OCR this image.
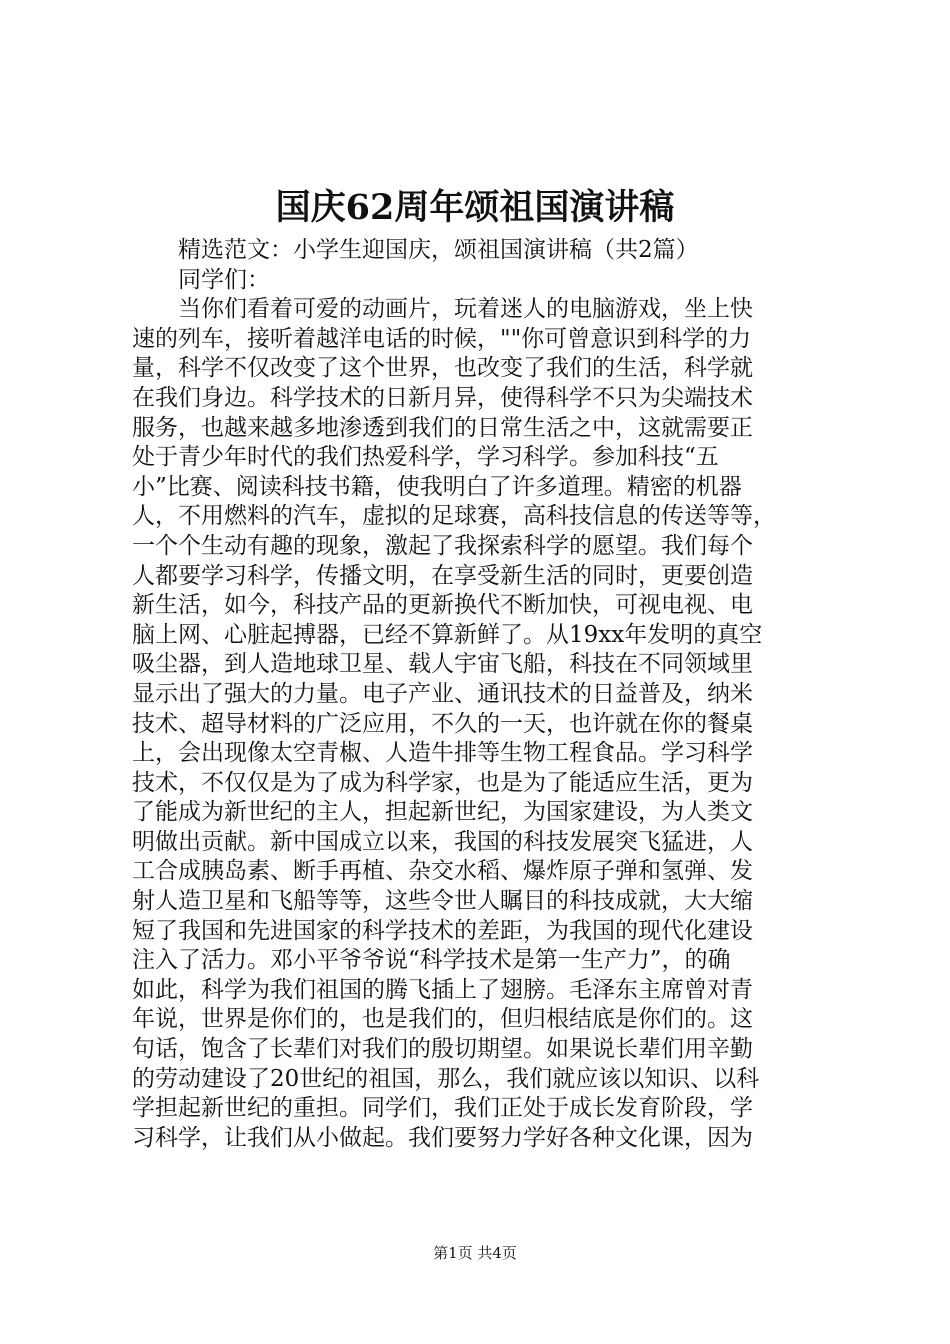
国庆62周年颂祖国演讲稿
精选范文：小学生迎国庆，颂祖国演讲稿（共2篇）
同学们：
当你们看着可爱的动画片，玩着迷人的电脑游戏，坐上快
速的列车，接听着越洋电话的时候，""你可曾意识到科学的力
量，科学不仅改变了这个世界，也改变了我们的生活，科学就
在我们身边。科学技术的日新月异，使得科学不只为尖端技术
服务，也越来越多地渗透到我们的日常生活之中，这就需要正
处于青少年时代的我们热爱科学，学习科学。参加科技“五
小”比赛、阅读科技书籍，使我明白了许多道理。精密的机器
人，不用燃料的汽车，虚拟的足球赛，高科技信息的传送等等，
一个个生动有趣的现象，激起了我探索科学的愿望。我们每个
人都要学习科学，传播文明，在享受新生活的同时，更要创造
新生活，如今，科技产品的更新换代不断加快，可视电视、电
脑上网、心脏起搏器，已经不算新鲜了。从19xx年发明的真空
吸尘器，到人造地球卫星、载人宇宙飞船，科技在不同领域里
显示出了强大的力量。电子产业、通讯技术的日益普及，纳米
技术、超导材料的广泛应用，不久的一天，也许就在你的餐桌
上，会出现像太空青椒、人造牛排等生物工程食品。学习科学
技术，不仅仅是为了成为科学家，也是为了能适应生活，更为
了能成为新世纪的主人，担起新世纪，为国家建设，为人类文
明做出贡献。新中国成立以来，我国的科技发展突飞猛进，人
工合成胰岛素、断手再植、杂交水稻、爆炸原子弹和氢弹、发
射人造卫星和飞船等等，这些令世人瞩目的科技成就，大大缩
短了我国和先进国家的科学技术的差距，为我国的现代化建设
注入了活力。邓小平爷爷说“科学技术是第一生产力”，的确
如此，科学为我们祖国的腾飞插上了翅膀。毛泽东主席曾对青
年说，世界是你们的，也是我们的，但归根结底是你们的。这
句话，饱含了长辈们对我们的殷切期望。如果说长辈们用辛勤
的劳动建设了20世纪的祖国，那么，我们就应该以知识、以科
学担起新世纪的重担。同学们，我们正处于成长发育阶段，学
习科学，让我们从小做起。我们要努力学好各种文化课，因为
第1页 共4页
